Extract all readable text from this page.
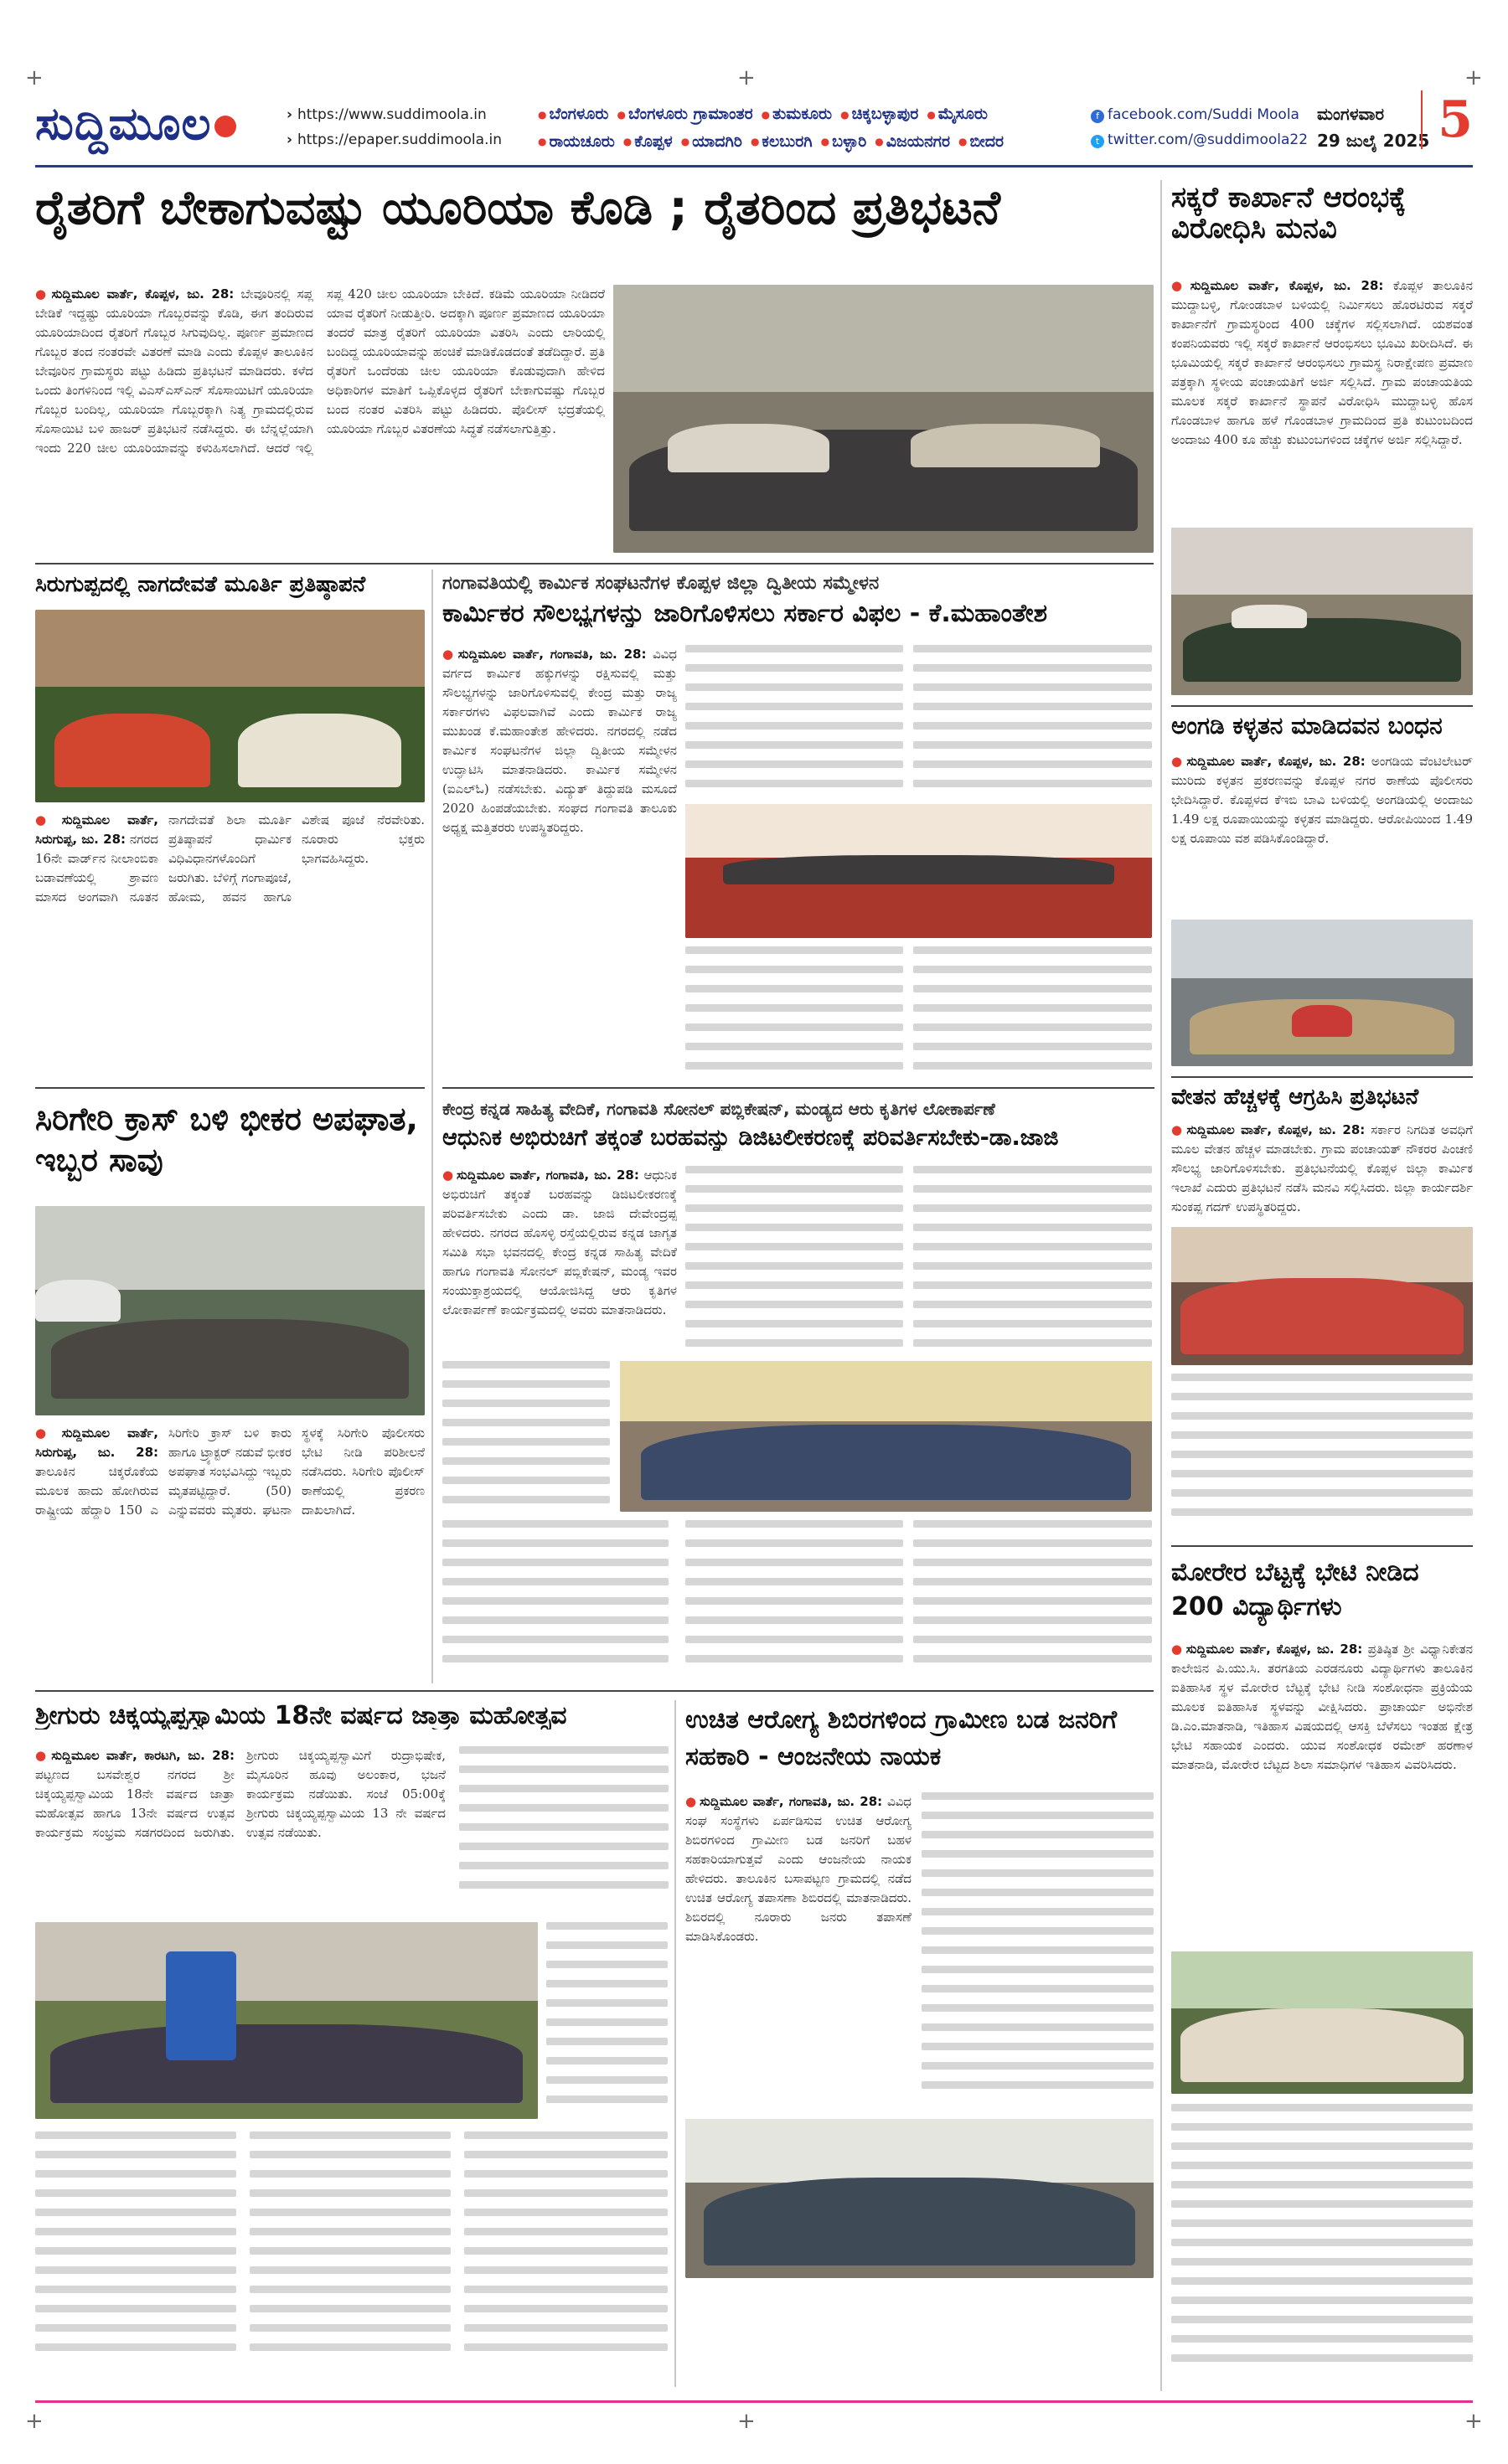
+	+
+
+	+
+
ಸುದ್ದಿಮೂಲ	› https://www.suddimoola.in
› https://epaper.suddimoola.in
● ಬೆಂಗಳೂರು ● ಬೆಂಗಳೂರು ಗ್ರಾಮಾಂತರ ● ತುಮಕೂರು ● ಚಿಕ್ಕಬಳ್ಳಾಪುರ ● ಮೈಸೂರು
● ರಾಯಚೂರು ● ಕೊಪ್ಪಳ ● ಯಾದಗಿರಿ ● ಕಲಬುರಗಿ ● ಬಳ್ಳಾರಿ ● ವಿಜಯನಗರ ● ಬೀದರ
f facebook.com/Suddi Moola
t twitter.com/@suddimoola22
ಮಂಗಳವಾರ
29 ಜುಲೈ 2025 5
ರೈತರಿಗೆ ಬೇಕಾಗುವಷ್ಟು ಯೂರಿಯಾ ಕೊಡಿ ; ರೈತರಿಂದ ಪ್ರತಿಭಟನೆ
● ಸುದ್ದಿಮೂಲ ವಾರ್ತೆ, ಕೊಪ್ಪಳ, ಜು. 28: ಬೇವೂರಿನಲ್ಲಿ ಸಪ್ಲ ಬೇಡಿಕೆ ಇದ್ದಷ್ಟು ಯೂರಿಯಾ ಗೊಬ್ಬರವನ್ನು ಕೊಡಿ, ಈಗ ತಂದಿರುವ ಯೂರಿಯಾದಿಂದ ರೈತರಿಗೆ ಗೊಬ್ಬರ ಸಿಗುವುದಿಲ್ಲ. ಪೂರ್ಣ ಪ್ರಮಾಣದ ಗೊಬ್ಬರ ತಂದ ನಂತರವೇ ವಿತರಣೆ ಮಾಡಿ ಎಂದು ಕೊಪ್ಪಳ ತಾಲೂಕಿನ ಬೇವೂರಿನ ಗ್ರಾಮಸ್ಥರು ಪಟ್ಟು ಹಿಡಿದು ಪ್ರತಿಭಟನೆ ಮಾಡಿದರು. ಕಳೆದ ಒಂದು ತಿಂಗಳಿನಿಂದ ಇಲ್ಲಿ ವಿಎಸ್ಎಸ್ಎನ್ ಸೊಸಾಯಿಟಿಗೆ ಯೂರಿಯಾ ಗೊಬ್ಬರ ಬಂದಿಲ್ಲ, ಯೂರಿಯಾ ಗೊಬ್ಬರಕ್ಕಾಗಿ ನಿತ್ಯ ಗ್ರಾಮದಲ್ಲಿರುವ ಸೊಸಾಯಿಟಿ ಬಳಿ ಹಾಜರ್ ಪ್ರತಿಭಟನೆ ನಡೆಸಿದ್ದರು. ಈ ಬೆನ್ನಲ್ಲೆಯಾಗಿ ಇಂದು 220 ಚೀಲ ಯೂರಿಯಾವನ್ನು ಕಳುಹಿಸಲಾಗಿದೆ. ಆದರೆ ಇಲ್ಲಿ ಸಪ್ಲ 420 ಚೀಲ ಯೂರಿಯಾ ಬೇಕಿದೆ. ಕಡಿಮೆ ಯೂರಿಯಾ ನೀಡಿದರೆ ಯಾವ ರೈತರಿಗೆ ನೀಡುತ್ತೀರಿ. ಅದಕ್ಕಾಗಿ ಪೂರ್ಣ ಪ್ರಮಾಣದ ಯೂರಿಯಾ ತಂದರೆ ಮಾತ್ರ ರೈತರಿಗೆ ಯೂರಿಯಾ ವಿತರಿಸಿ ಎಂದು ಲಾರಿಯಲ್ಲಿ ಬಂದಿದ್ದ ಯೂರಿಯಾವನ್ನು ಹಂಚಿಕೆ ಮಾಡಿಕೊಡದಂತೆ ತಡೆದಿದ್ದಾರೆ. ಪ್ರತಿ ರೈತರಿಗೆ ಒಂದೆರಡು ಚೀಲ ಯೂರಿಯಾ ಕೊಡುವುದಾಗಿ ಹೇಳಿದ ಅಧಿಕಾರಿಗಳ ಮಾತಿಗೆ ಒಪ್ಪಿಕೊಳ್ಳದ ರೈತರಿಗೆ ಬೇಕಾಗುವಷ್ಟು ಗೊಬ್ಬರ ಬಂದ ನಂತರ ವಿತರಿಸಿ ಪಟ್ಟು ಹಿಡಿದರು. ಪೊಲೀಸ್ ಭದ್ರತೆಯಲ್ಲಿ ಯೂರಿಯಾ ಗೊಬ್ಬರ ವಿತರಣೆಯ ಸಿದ್ಧತೆ ನಡೆಸಲಾಗುತ್ತಿತ್ತು.
ಸಕ್ಕರೆ ಕಾರ್ಖಾನೆ ಆರಂಭಕ್ಕೆ ವಿರೋಧಿಸಿ ಮನವಿ
● ಸುದ್ದಿಮೂಲ ವಾರ್ತೆ, ಕೊಪ್ಪಳ, ಜು. 28: ಕೊಪ್ಪಳ ತಾಲೂಕಿನ ಮುದ್ದಾಬಳ್ಳಿ, ಗೋಂಡಬಾಳ ಬಳಿಯಲ್ಲಿ ನಿರ್ಮಿಸಲು ಹೊರಟಿರುವ ಸಕ್ಕರೆ ಕಾರ್ಖಾನೆಗೆ ಗ್ರಾಮಸ್ಥರಿಂದ 400 ಚಕ್ಕೆಗಳ ಸಲ್ಲಿಸಲಾಗಿದೆ. ಯಶವಂತ ಕಂಪನಿಯವರು ಇಲ್ಲಿ ಸಕ್ಕರೆ ಕಾರ್ಖಾನೆ ಆರಂಭಿಸಲು ಭೂಮಿ ಖರೀದಿಸಿದೆ. ಈ ಭೂಮಿಯಲ್ಲಿ ಸಕ್ಕರೆ ಕಾರ್ಖಾನೆ ಆರಂಭಿಸಲು ಗ್ರಾಮಸ್ಥ ನಿರಾಕ್ಷೇಪಣ ಪ್ರಮಾಣ ಪತ್ರಕ್ಕಾಗಿ ಸ್ಥಳೀಯ ಪಂಚಾಯತಿಗೆ ಅರ್ಜಿ ಸಲ್ಲಿಸಿದೆ. ಗ್ರಾಮ ಪಂಚಾಯತಿಯ ಮೂಲಕ ಸಕ್ಕರೆ ಕಾರ್ಖಾನೆ ಸ್ಥಾಪನೆ ವಿರೋಧಿಸಿ ಮುದ್ದಾಬಳ್ಳಿ ಹೊಸ ಗೊಂಡಬಾಳ ಹಾಗೂ ಹಳೆ ಗೊಂಡಬಾಳ ಗ್ರಾಮದಿಂದ ಪ್ರತಿ ಕುಟುಂಬದಿಂದ ಅಂದಾಜು 400 ಕೂ ಹೆಚ್ಚು ಕುಟುಂಬಗಳಿಂದ ಚಕ್ಕೆಗಳ ಅರ್ಜಿ ಸಲ್ಲಿಸಿದ್ದಾರೆ.
ಸಿರುಗುಪ್ಪದಲ್ಲಿ ನಾಗದೇವತೆ ಮೂರ್ತಿ ಪ್ರತಿಷ್ಠಾಪನೆ
● ಸುದ್ದಿಮೂಲ ವಾರ್ತೆ, ಸಿರುಗುಪ್ಪ, ಜು. 28: ನಗರದ 16ನೇ ವಾರ್ಡ್‌ನ ನೀಲಾಂಬಿಕಾ ಬಡಾವಣೆಯಲ್ಲಿ ಶ್ರಾವಣ ಮಾಸದ ಅಂಗವಾಗಿ ನೂತನ ನಾಗದೇವತೆ ಶಿಲಾ ಮೂರ್ತಿ ಪ್ರತಿಷ್ಠಾಪನೆ ಧಾರ್ಮಿಕ ವಿಧಿವಿಧಾನಗಳೊಂದಿಗೆ ಜರುಗಿತು. ಬೆಳಿಗ್ಗೆ ಗಂಗಾಪೂಜೆ, ಹೋಮ, ಹವನ ಹಾಗೂ ವಿಶೇಷ ಪೂಜೆ ನೆರವೇರಿತು. ನೂರಾರು ಭಕ್ತರು ಭಾಗವಹಿಸಿದ್ದರು.
ಗಂಗಾವತಿಯಲ್ಲಿ ಕಾರ್ಮಿಕ ಸಂಘಟನೆಗಳ ಕೊಪ್ಪಳ ಜಿಲ್ಲಾ ದ್ವಿತೀಯ ಸಮ್ಮೇಳನ
ಕಾರ್ಮಿಕರ ಸೌಲಭ್ಯಗಳನ್ನು ಜಾರಿಗೊಳಿಸಲು ಸರ್ಕಾರ ವಿಫಲ - ಕೆ.ಮಹಾಂತೇಶ
● ಸುದ್ದಿಮೂಲ ವಾರ್ತೆ, ಗಂಗಾವತಿ, ಜು. 28: ವಿವಿಧ ವರ್ಗದ ಕಾರ್ಮಿಕ ಹಕ್ಕುಗಳನ್ನು ರಕ್ಷಿಸುವಲ್ಲಿ ಮತ್ತು ಸೌಲಭ್ಯಗಳನ್ನು ಜಾರಿಗೊಳಿಸುವಲ್ಲಿ ಕೇಂದ್ರ ಮತ್ತು ರಾಜ್ಯ ಸರ್ಕಾರಗಳು ವಿಫಲವಾಗಿವೆ ಎಂದು ಕಾರ್ಮಿಕ ರಾಜ್ಯ ಮುಖಂಡ ಕೆ.ಮಹಾಂತೇಶ ಹೇಳಿದರು. ನಗರದಲ್ಲಿ ನಡೆದ ಕಾರ್ಮಿಕ ಸಂಘಟನೆಗಳ ಜಿಲ್ಲಾ ದ್ವಿತೀಯ ಸಮ್ಮೇಳನ ಉದ್ಘಾಟಿಸಿ ಮಾತನಾಡಿದರು. ಕಾರ್ಮಿಕ ಸಮ್ಮೇಳನ (ಐಎಲ್ಓ) ನಡೆಸಬೇಕು. ವಿದ್ಯುತ್ ತಿದ್ದುಪಡಿ ಮಸೂದೆ 2020 ಹಿಂಪಡೆಯಬೇಕು. ಸಂಘದ ಗಂಗಾವತಿ ತಾಲೂಕು ಅಧ್ಯಕ್ಷ ಮತ್ತಿತರರು ಉಪಸ್ಥಿತರಿದ್ದರು.
ಅಂಗಡಿ ಕಳ್ಳತನ ಮಾಡಿದವನ ಬಂಧನ
● ಸುದ್ದಿಮೂಲ ವಾರ್ತೆ, ಕೊಪ್ಪಳ, ಜು. 28: ಅಂಗಡಿಯ ವೆಂಟಿಲೇಟರ್ ಮುರಿದು ಕಳ್ಳತನ ಪ್ರಕರಣವನ್ನು ಕೊಪ್ಪಳ ನಗರ ಠಾಣೆಯ ಪೊಲೀಸರು ಭೇದಿಸಿದ್ದಾರೆ. ಕೊಪ್ಪಳದ ಕೆಇಬಿ ಬಾವಿ ಬಳಿಯಲ್ಲಿ ಅಂಗಡಿಯಲ್ಲಿ ಅಂದಾಜು 1.49 ಲಕ್ಷ ರೂಪಾಯಿಯನ್ನು ಕಳ್ಳತನ ಮಾಡಿದ್ದರು. ಆರೋಪಿಯಿಂದ 1.49 ಲಕ್ಷ ರೂಪಾಯಿ ವಶ ಪಡಿಸಿಕೊಂಡಿದ್ದಾರೆ.
ವೇತನ ಹೆಚ್ಚಳಕ್ಕೆ ಆಗ್ರಹಿಸಿ ಪ್ರತಿಭಟನೆ
● ಸುದ್ದಿಮೂಲ ವಾರ್ತೆ, ಕೊಪ್ಪಳ, ಜು. 28: ಸರ್ಕಾರ ನಿಗದಿತ ಅವಧಿಗೆ ಮೂಲ ವೇತನ ಹೆಚ್ಚಳ ಮಾಡಬೇಕು. ಗ್ರಾಮ ಪಂಚಾಯತ್ ನೌಕರರ ಪಿಂಚಣಿ ಸೌಲಭ್ಯ ಜಾರಿಗೊಳಿಸಬೇಕು. ಪ್ರತಿಭಟನೆಯಲ್ಲಿ ಕೊಪ್ಪಳ ಜಿಲ್ಲಾ ಕಾರ್ಮಿಕ ಇಲಾಖೆ ಎದುರು ಪ್ರತಿಭಟನೆ ನಡೆಸಿ ಮನವಿ ಸಲ್ಲಿಸಿದರು. ಜಿಲ್ಲಾ ಕಾರ್ಯದರ್ಶಿ ಸುಂಕಪ್ಪ ಗದಗ್ ಉಪಸ್ಥಿತರಿದ್ದರು.
ಸಿರಿಗೇರಿ ಕ್ರಾಸ್ ಬಳಿ ಭೀಕರ ಅಪಘಾತ, ಇಬ್ಬರ ಸಾವು
● ಸುದ್ದಿಮೂಲ ವಾರ್ತೆ, ಸಿರುಗುಪ್ಪ, ಜು. 28: ತಾಲೂಕಿನ ಚಿಕ್ಕರೊಕೆಯ ಮೂಲಕ ಹಾದು ಹೋಗಿರುವ ರಾಷ್ಟ್ರೀಯ ಹೆದ್ದಾರಿ 150 ಎ ಸಿರಿಗೇರಿ ಕ್ರಾಸ್ ಬಳಿ ಕಾರು ಹಾಗೂ ಟ್ರ್ಯಾಕ್ಟರ್ ನಡುವೆ ಭೀಕರ ಅಪಘಾತ ಸಂಭವಿಸಿದ್ದು ಇಬ್ಬರು ಮೃತಪಟ್ಟಿದ್ದಾರೆ. (50) ಎನ್ನುವವರು ಮೃತರು. ಘಟನಾ ಸ್ಥಳಕ್ಕೆ ಸಿರಿಗೇರಿ ಪೊಲೀಸರು ಭೇಟಿ ನೀಡಿ ಪರಿಶೀಲನೆ ನಡೆಸಿದರು. ಸಿರಿಗೇರಿ ಪೊಲೀಸ್ ಠಾಣೆಯಲ್ಲಿ ಪ್ರಕರಣ ದಾಖಲಾಗಿದೆ.
ಕೇಂದ್ರ ಕನ್ನಡ ಸಾಹಿತ್ಯ ವೇದಿಕೆ, ಗಂಗಾವತಿ ಸೋನಲ್ ಪಬ್ಲಿಕೇಷನ್, ಮಂಡ್ಯದ ಆರು ಕೃತಿಗಳ ಲೋಕಾರ್ಪಣೆ
ಆಧುನಿಕ ಅಭಿರುಚಿಗೆ ತಕ್ಕಂತೆ ಬರಹವನ್ನು ಡಿಜಿಟಲೀಕರಣಕ್ಕೆ ಪರಿವರ್ತಿಸಬೇಕು-ಡಾ.ಜಾಜಿ
● ಸುದ್ದಿಮೂಲ ವಾರ್ತೆ, ಗಂಗಾವತಿ, ಜು. 28: ಆಧುನಿಕ ಅಭಿರುಚಿಗೆ ತಕ್ಕಂತೆ ಬರಹವನ್ನು ಡಿಜಿಟಲೀಕರಣಕ್ಕೆ ಪರಿವರ್ತಿಸಬೇಕು ಎಂದು ಡಾ. ಜಾಜಿ ದೇವೇಂದ್ರಪ್ಪ ಹೇಳಿದರು. ನಗರದ ಹೊಸಳ್ಳಿ ರಸ್ತೆಯಲ್ಲಿರುವ ಕನ್ನಡ ಜಾಗೃತ ಸಮಿತಿ ಸಭಾ ಭವನದಲ್ಲಿ ಕೇಂದ್ರ ಕನ್ನಡ ಸಾಹಿತ್ಯ ವೇದಿಕೆ ಹಾಗೂ ಗಂಗಾವತಿ ಸೋನಲ್ ಪಬ್ಲಿಕೇಷನ್, ಮಂಡ್ಯ ಇವರ ಸಂಯುಕ್ತಾಶ್ರಯದಲ್ಲಿ ಆಯೋಜಿಸಿದ್ದ ಆರು ಕೃತಿಗಳ ಲೋಕಾರ್ಪಣೆ ಕಾರ್ಯಕ್ರಮದಲ್ಲಿ ಅವರು ಮಾತನಾಡಿದರು.
ಮೋರೇರ ಬೆಟ್ಟಕ್ಕೆ ಭೇಟಿ ನೀಡಿದ 200 ವಿದ್ಯಾರ್ಥಿಗಳು
● ಸುದ್ದಿಮೂಲ ವಾರ್ತೆ, ಕೊಪ್ಪಳ, ಜು. 28: ಪ್ರತಿಷ್ಠಿತ ಶ್ರೀ ವಿಧ್ಯಾನಿಕೇತನ ಕಾಲೇಜಿನ ಪಿ.ಯು.ಸಿ. ತರಗತಿಯ ಎರಡನೂರು ವಿದ್ಯಾರ್ಥಿಗಳು ತಾಲೂಕಿನ ಐತಿಹಾಸಿಕ ಸ್ಥಳ ಮೋರೇರ ಬೆಟ್ಟಕ್ಕೆ ಭೇಟಿ ನೀಡಿ ಸಂಶೋಧನಾ ಪ್ರಕ್ರಿಯೆಯ ಮೂಲಕ ಐತಿಹಾಸಿಕ ಸ್ಥಳವನ್ನು ವೀಕ್ಷಿಸಿದರು. ಪ್ರಾಚಾರ್ಯ ಅಭಿನೇಶ ಡಿ.ಎಂ.ಮಾತನಾಡಿ, ಇತಿಹಾಸ ವಿಷಯದಲ್ಲಿ ಆಸಕ್ತಿ ಬೆಳೆಸಲು ಇಂತಹ ಕ್ಷೇತ್ರ ಭೇಟಿ ಸಹಾಯಕ ಎಂದರು. ಯುವ ಸಂಶೋಧಕ ರಮೇಶ್ ಹರಣಾಳ ಮಾತನಾಡಿ, ಮೋರೇರ ಬೆಟ್ಟದ ಶಿಲಾ ಸಮಾಧಿಗಳ ಇತಿಹಾಸ ವಿವರಿಸಿದರು.
ಶ್ರೀಗುರು ಚಿಕ್ಕಯ್ಯಪ್ಪಸ್ವಾಮಿಯ 18ನೇ ವರ್ಷದ ಜಾತ್ರಾ ಮಹೋತ್ಸವ
● ಸುದ್ದಿಮೂಲ ವಾರ್ತೆ, ಕಾರಟಗಿ, ಜು. 28: ಪಟ್ಟಣದ ಬಸವೇಶ್ವರ ನಗರದ ಶ್ರೀ ಚಿಕ್ಕಯ್ಯಪ್ಪಸ್ವಾಮಿಯ 18ನೇ ವರ್ಷದ ಜಾತ್ರಾ ಮಹೋತ್ಸವ ಹಾಗೂ 13ನೇ ವರ್ಷದ ಉತ್ಸವ ಕಾರ್ಯಕ್ರಮ ಸಂಭ್ರಮ ಸಡಗರದಿಂದ ಜರುಗಿತು. ಶ್ರೀಗುರು ಚಿಕ್ಕಯ್ಯಪ್ಪಸ್ವಾಮಿಗೆ ರುದ್ರಾಭಿಷೇಕ, ಮೈಸೂರಿನ ಹೂವು ಅಲಂಕಾರ, ಭಜನೆ ಕಾರ್ಯಕ್ರಮ ನಡೆಯಿತು. ಸಂಜೆ 05:00ಕ್ಕೆ ಶ್ರೀಗುರು ಚಿಕ್ಕಯ್ಯಪ್ಪಸ್ವಾಮಿಯ 13 ನೇ ವರ್ಷದ ಉತ್ಸವ ನಡೆಯಿತು.
ಉಚಿತ ಆರೋಗ್ಯ ಶಿಬಿರಗಳಿಂದ ಗ್ರಾಮೀಣ ಬಡ ಜನರಿಗೆ ಸಹಕಾರಿ - ಆಂಜನೇಯ ನಾಯಕ
● ಸುದ್ದಿಮೂಲ ವಾರ್ತೆ, ಗಂಗಾವತಿ, ಜು. 28: ವಿವಿಧ ಸಂಘ ಸಂಸ್ಥೆಗಳು ಏರ್ಪಡಿಸುವ ಉಚಿತ ಆರೋಗ್ಯ ಶಿಬಿರಗಳಿಂದ ಗ್ರಾಮೀಣ ಬಡ ಜನರಿಗೆ ಬಹಳ ಸಹಕಾರಿಯಾಗುತ್ತವೆ ಎಂದು ಆಂಜನೇಯ ನಾಯಕ ಹೇಳಿದರು. ತಾಲೂಕಿನ ಬಸಾಪಟ್ಟಣ ಗ್ರಾಮದಲ್ಲಿ ನಡೆದ ಉಚಿತ ಆರೋಗ್ಯ ತಪಾಸಣಾ ಶಿಬಿರದಲ್ಲಿ ಮಾತನಾಡಿದರು. ಶಿಬಿರದಲ್ಲಿ ನೂರಾರು ಜನರು ತಪಾಸಣೆ ಮಾಡಿಸಿಕೊಂಡರು.
